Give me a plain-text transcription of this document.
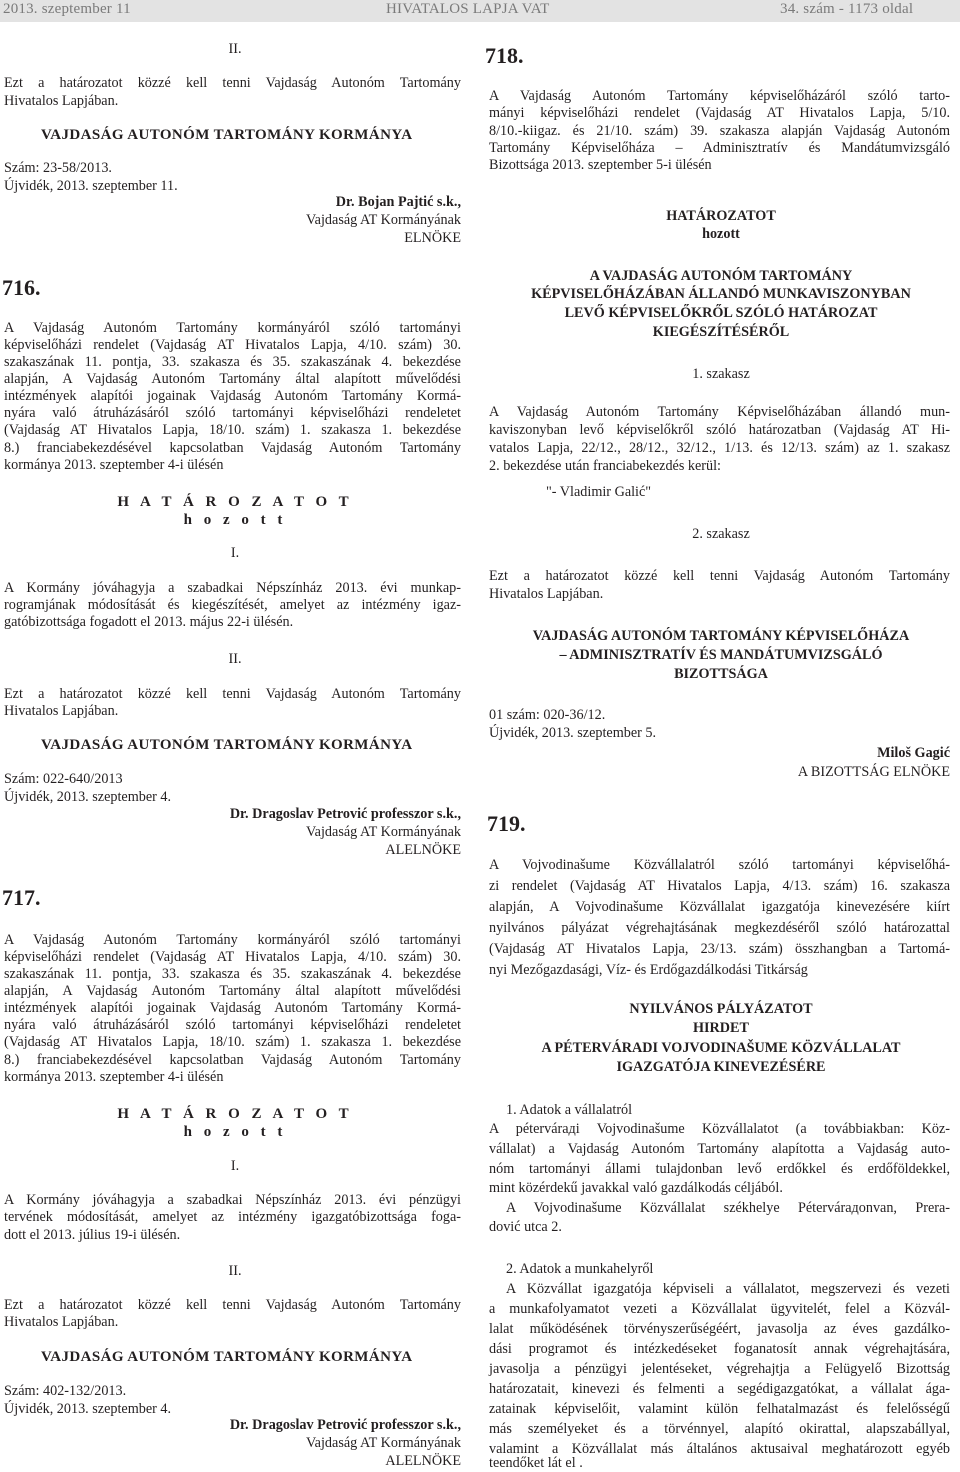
2013. szeptember 11	HIVATALOS LAPJA VAT	34. szám - 1173 oldal
II.
Ezt a határozatot közzé kell tenni Vajdaság Autonóm Tartomány
Hivatalos Lapjában.
VAJDASÁG AUTONÓM TARTOMÁNY KORMÁNYA
Szám: 23-58/2013.
Újvidék, 2013. szeptember 11.
Dr. Bojan Pajtić s.k.,
Vajdaság AT Kormányának
ELNÖKE
716.
A Vajdaság Autonóm Tartomány kormányáról szóló tartományi
képviselőházi rendelet (Vajdaság AT Hivatalos Lapja, 4/10. szám) 30.
szakaszának 11. pontja, 33. szakasza és 35. szakaszának 4. bekezdése
alapján, A Vajdaság Autonóm Tartomány által alapított művelődési
intézmények alapítói jogainak Vajdaság Autonóm Tartomány Kormá-
nyára való átruházásáról szóló tartományi képviselőházi rendeletet
(Vajdaság AT Hivatalos Lapja, 18/10. szám) 1. szakasza 1. bekezdése
8.) franciabekezdésével kapcsolatban Vajdaság Autonóm Tartomány
kormánya 2013. szeptember 4-i ülésén
H A T Á R O Z A T O T
h o z o t t
I.
A Kormány jóváhagyja a szabadkai Népszínház 2013. évi munkap-
rogramjának módosítását és kiegészítését, amelyet az intézmény igaz-
gatóbizottsága fogadott el 2013. május 22-i ülésén.
II.
Ezt a határozatot közzé kell tenni Vajdaság Autonóm Tartomány
Hivatalos Lapjában.
VAJDASÁG AUTONÓM TARTOMÁNY KORMÁNYA
Szám: 022-640/2013
Újvidék, 2013. szeptember 4.
Dr. Dragoslav Petrović professzor s.k.,
Vajdaság AT Kormányának
ALELNÖKE
717.
A Vajdaság Autonóm Tartomány kormányáról szóló tartományi
képviselőházi rendelet (Vajdaság AT Hivatalos Lapja, 4/10. szám) 30.
szakaszának 11. pontja, 33. szakasza és 35. szakaszának 4. bekezdése
alapján, A Vajdaság Autonóm Tartomány által alapított művelődési
intézmények alapítói jogainak Vajdaság Autonóm Tartomány Kormá-
nyára való átruházásáról szóló tartományi képviselőházi rendeletet
(Vajdaság AT Hivatalos Lapja, 18/10. szám) 1. szakasza 1. bekezdése
8.) franciabekezdésével kapcsolatban Vajdaság Autonóm Tartomány
kormánya 2013. szeptember 4-i ülésén
H A T Á R O Z A T O T
h o z o t t
I.
A Kormány jóváhagyja a szabadkai Népszínház 2013. évi pénzügyi
tervének módosítását, amelyet az intézmény igazgatóbizottsága foga-
dott el 2013. július 19-i ülésén.
II.
Ezt a határozatot közzé kell tenni Vajdaság Autonóm Tartomány
Hivatalos Lapjában.
VAJDASÁG AUTONÓM TARTOMÁNY KORMÁNYA
Szám: 402-132/2013.
Újvidék, 2013. szeptember 4.
Dr. Dragoslav Petrović professzor s.k.,
Vajdaság AT Kormányának
ALELNÖKE
718.
A Vajdaság Autonóm Tartomány képviselőházáról szóló tarto-
mányi képviselőházi rendelet (Vajdaság AT Hivatalos Lapja, 5/10.
8/10.-kiigaz. és 21/10. szám) 39. szakasza alapján Vajdaság Autonóm
Tartomány Képviselőháza – Adminisztratív és Mandátumvizsgáló
Bizottsága 2013. szeptember 5-i ülésén
HATÁROZATOT
hozott
A VAJDASÁG AUTONÓM TARTOMÁNY
KÉPVISELŐHÁZÁBAN ÁLLANDÓ MUNKAVISZONYBAN
LEVŐ KÉPVISELŐKRŐL SZÓLÓ HATÁROZAT
KIEGÉSZÍTÉSÉRŐL
1. szakasz
A Vajdaság Autonóm Tartomány Képviselőházában állandó mun-
kaviszonyban levő képviselőkről szóló határozatban (Vajdaság AT Hi-
vatalos Lapja, 22/12., 28/12., 32/12., 1/13. és 12/13. szám) az 1. szakasz
2. bekezdése után franciabekezdés kerül:
"- Vladimir Galić"
2. szakasz
Ezt a határozatot közzé kell tenni Vajdaság Autonóm Tartomány
Hivatalos Lapjában.
VAJDASÁG AUTONÓM TARTOMÁNY KÉPVISELŐHÁZA
– ADMINISZTRATÍV ÉS MANDÁTUMVIZSGÁLÓ
BIZOTTSÁGA
01 szám: 020-36/12.
Újvidék, 2013. szeptember 5.
Miloš Gagić
A BIZOTTSÁG ELNÖKE
719.
A Vojvodinašume Közvállalatról szóló tartományi képviselőhá-
zi rendelet (Vajdaság AT Hivatalos Lapja, 4/13. szám) 16. szakasza
alapján, A Vojvodinašume Közvállalat igazgatója kinevezésére kiírt
nyilvános pályázat végrehajtásának megkezdéséről szóló határozattal
(Vajdaság AT Hivatalos Lapja, 23/13. szám) összhangban a Tartomá-
nyi Mezőgazdasági, Víz- és Erdőgazdálkodási Titkárság
NYILVÁNOS PÁLYÁZATOT
HIRDET
A PÉTERVÁRADI VOJVODINAŠUME KÖZVÁLLALAT
IGAZGATÓJA KINEVEZÉSÉRE
1. Adatok a vállalatról
A pétervárадi Vojvodinašume Közvállalatot (a továbbiakban: Köz-
vállalat) a Vajdaság Autonóm Tartomány alapította a Vajdaság auto-
nóm tartományi állami tulajdonban levő erdőkkel és erdőföldekkel,
mint közérdekű javakkal való gazdálkodás céljából.
A Vojvodinašume Közvállalat székhelye Pétervárадonvan, Prera-
dović utca 2.
2. Adatok a munkahelyről
A Közvállat igazgatója képviseli a vállalatot, megszervezi és vezeti
a munkafolyamatot vezeti a Közvállalat ügyvitelét, felel a Közvál-
lalat működésének törvényszerűségéért, javasolja az éves gazdálko-
dási programot és intézkedéseket foganatosít annak végrehajtására,
javasolja a pénzügyi jelentéseket, végrehajtja a Felügyelő Bizottság
határozatait, kinevezi és felmenti a segédigazgatókat, a vállalat ága-
zatainak képviselőit, valamint külön felhatalmazást és felelősségű
más személyeket és a törvénnyel, alapító okirattal, alapszabállyal,
valamint a Közvállalat más általános aktusaival meghatározott egyéb
teendőket lát el .
